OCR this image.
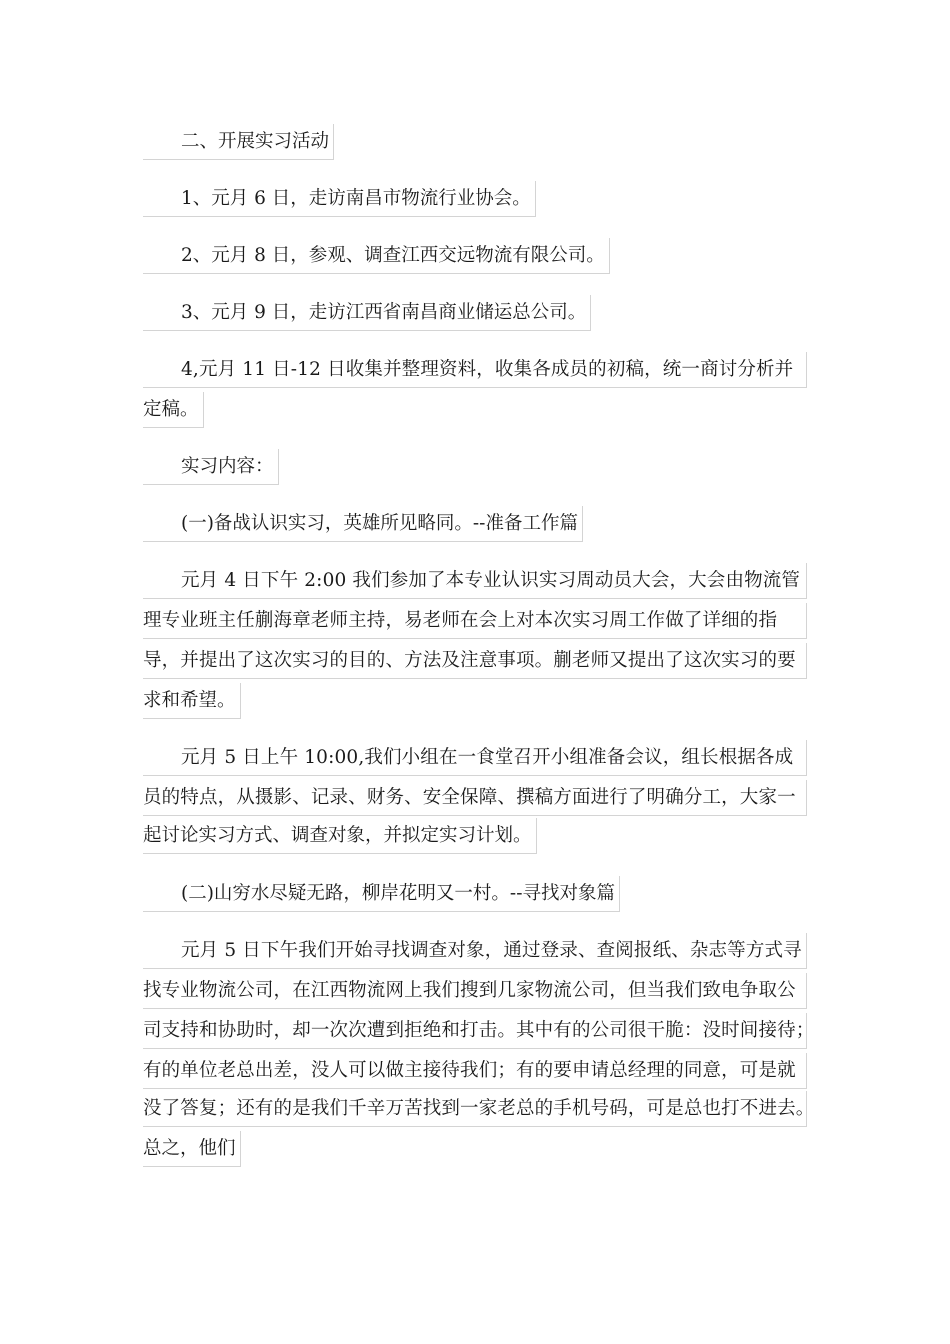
二、开展实习活动
1、元月 6 日，走访南昌市物流行业协会。
2、元月 8 日，参观、调查江西交远物流有限公司。
3、元月 9 日，走访江西省南昌商业储运总公司。
4,元月 11 日-12 日收集并整理资料，收集各成员的初稿，统一商讨分析并
定稿。
实习内容：
(一)备战认识实习，英雄所见略同。--准备工作篇
元月 4 日下午 2:00 我们参加了本专业认识实习周动员大会，大会由物流管
理专业班主任蒯海章老师主持，易老师在会上对本次实习周工作做了详细的指
导，并提出了这次实习的目的、方法及注意事项。蒯老师又提出了这次实习的要
求和希望。
元月 5 日上午 10:00,我们小组在一食堂召开小组准备会议，组长根据各成
员的特点，从摄影、记录、财务、安全保障、撰稿方面进行了明确分工，大家一
起讨论实习方式、调查对象，并拟定实习计划。
(二)山穷水尽疑无路，柳岸花明又一村。--寻找对象篇
元月 5 日下午我们开始寻找调查对象，通过登录、查阅报纸、杂志等方式寻
找专业物流公司，在江西物流网上我们搜到几家物流公司，但当我们致电争取公
司支持和协助时，却一次次遭到拒绝和打击。其中有的公司很干脆：没时间接待；
有的单位老总出差，没人可以做主接待我们；有的要申请总经理的同意，可是就
没了答复；还有的是我们千辛万苦找到一家老总的手机号码，可是总也打不进去。
总之，他们
